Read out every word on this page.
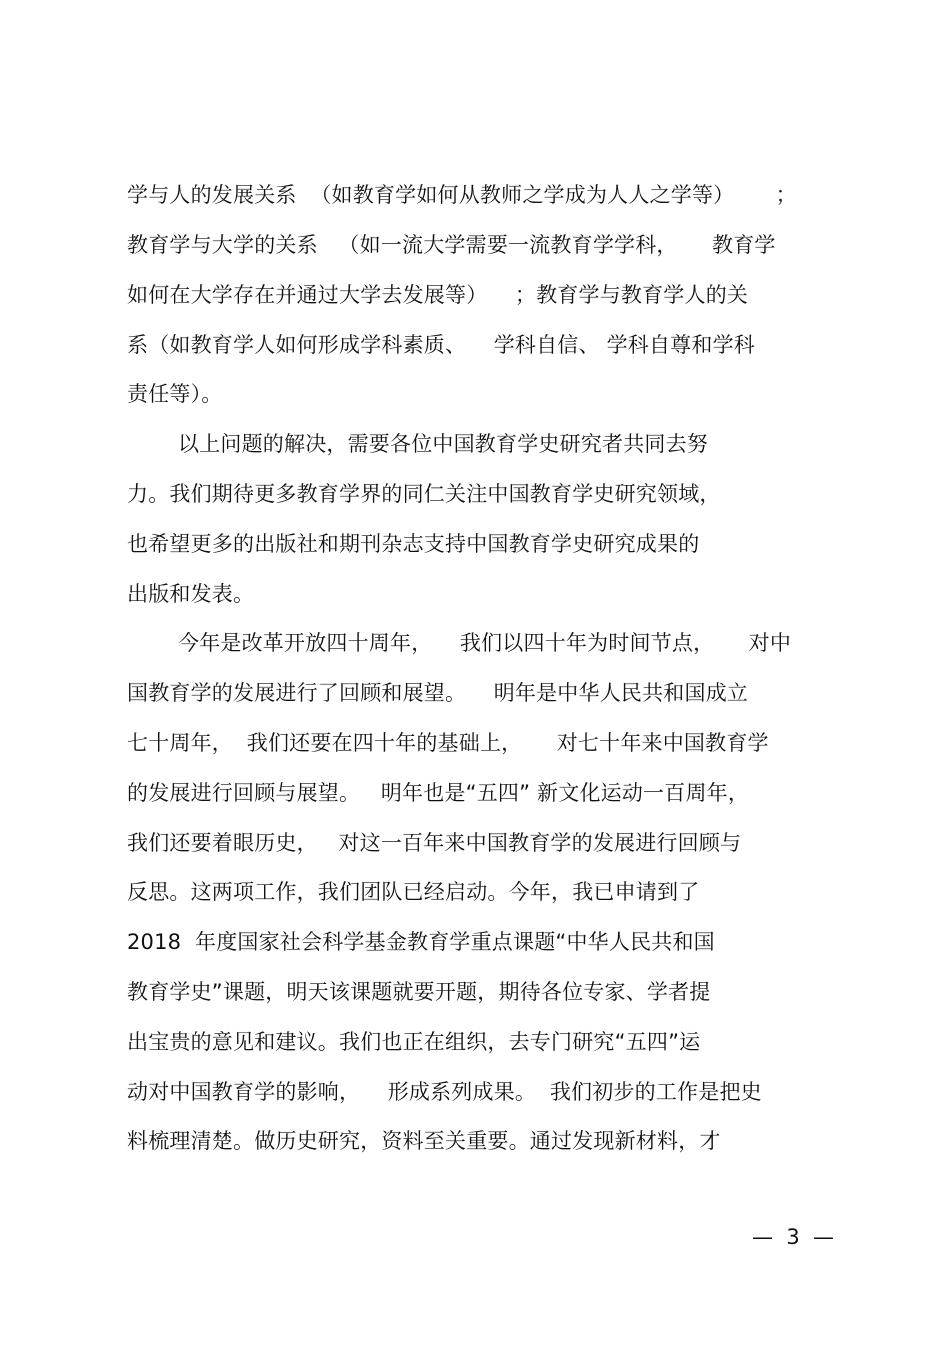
学与人的发展关系  （如教育学如何从教师之学成为人人之学等）      ；
教育学与大学的关系   （如一流大学需要一流教育学学科，     教育学
如何在大学存在并通过大学去发展等）    ；教育学与教育学人的关
系（如教育学人如何形成学科素质、    学科自信、 学科自尊和学科
责任等）。
以上问题的解决，需要各位中国教育学史研究者共同去努
力。我们期待更多教育学界的同仁关注中国教育学史研究领域，
也希望更多的出版社和期刊杂志支持中国教育学史研究成果的
出版和发表。
今年是改革开放四十周年，    我们以四十年为时间节点，     对中
国教育学的发展进行了回顾和展望。    明年是中华人民共和国成立
七十周年，  我们还要在四十年的基础上，     对七十年来中国教育学
的发展进行回顾与展望。   明年也是“五四” 新文化运动一百周年，
我们还要着眼历史，   对这一百年来中国教育学的发展进行回顾与
反思。这两项工作，我们团队已经启动。今年，我已申请到了
2018  年度国家社会科学基金教育学重点课题“中华人民共和国
教育学史”课题，明天该课题就要开题，期待各位专家、学者提
出宝贵的意见和建议。我们也正在组织，去专门研究“五四”运
动对中国教育学的影响，    形成系列成果。  我们初步的工作是把史
料梳理清楚。做历史研究，资料至关重要。通过发现新材料，才
—  3  —
